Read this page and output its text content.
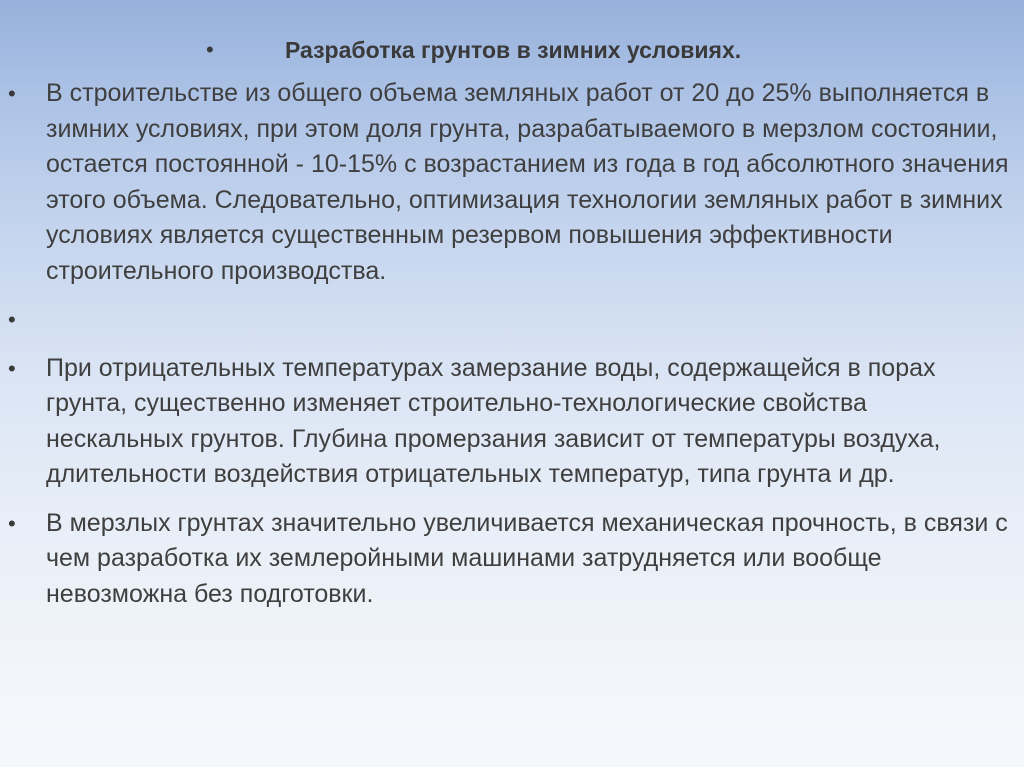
•	Разработка грунтов в зимних условиях.
• В строительстве из общего объема земляных работ от 20 до 25% выполняется в зимних условиях, при этом доля грунта, разрабатываемого в мерзлом состоянии, остается постоянной - 10-15% с возрастанием из года в год абсолютного значения этого объема. Следовательно, оптимизация технологии земляных работ в зимних условиях является существенным резервом повышения эффективности строительного производства.
•
• При отрицательных температурах замерзание воды, содержащейся в порах грунта, существенно изменяет строительно-технологические свойства нескальных грунтов. Глубина промерзания зависит от температуры воздуха, длительности воздействия отрицательных температур, типа грунта и др.
• В мерзлых грунтах значительно увеличивается механическая прочность, в связи с чем разработка их землеройными машинами затрудняется или вообще невозможна без подготовки.
